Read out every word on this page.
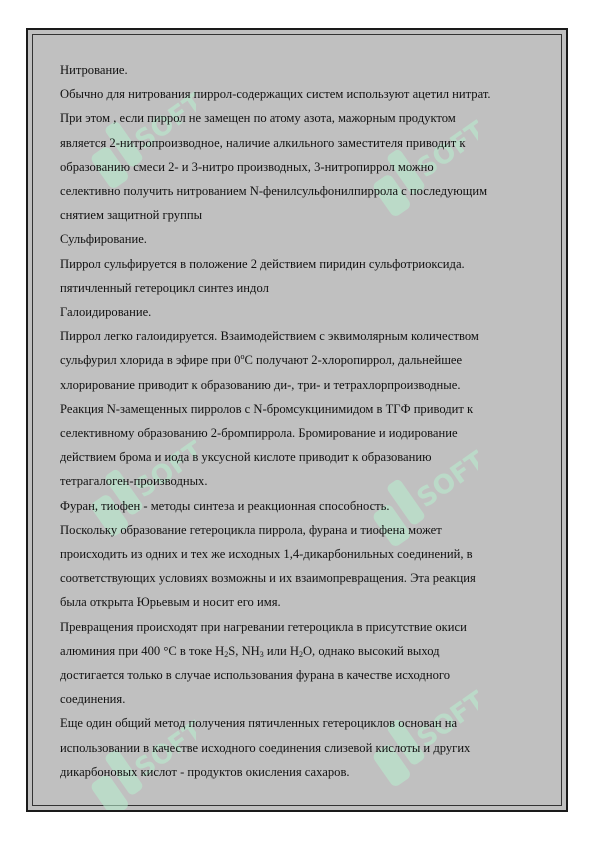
SOFT	SOFT
SOFT	SOFT
SOFT	SOFT

Нитрование.

Обычно для нитрования пиррол-содержащих систем используют ацетил нитрат.

При этом , если пиррол не замещен по атому азота, мажорным продуктом

является 2-нитропроизводное, наличие алкильного заместителя приводит к

образованию смеси 2- и 3-нитро производных, 3-нитропиррол можно

селективно получить нитрованием N-фенилсульфонилпиррола с последующим

снятием защитной группы

Сульфирование.

Пиррол сульфируется в положение 2 действием пиридин сульфотриоксида.

пятичленный гетероцикл синтез индол

Галоидирование.

Пиррол легко галоидируется. Взаимодействием с эквимолярным количеством

сульфурил хлорида в эфире при 0$^o$С получают 2-хлоропиррол, дальнейшее

хлорирование приводит к образованию ди-, три- и тетрахлорпроизводные.

Реакция N-замещенных пирролов с N-бромсукцинимидом в ТГФ приводит к

селективному образованию 2-бромпиррола. Бромирование и иодирование

действием брома и иода в уксусной кислоте приводит к образованию

тетрагалоген-производных.

Фуран, тиофен - методы синтеза и реакционная способность.

Поскольку образование гетероцикла пиррола, фурана и тиофена может

происходить из одних и тех же исходных 1,4-дикарбонильных соединений, в

соответствующих условиях возможны и их взаимопревращения. Эта реакция

была открыта Юрьевым и носит его имя.

Превращения происходят при нагревании гетероцикла в присутствие окиси

алюминия при 400 °С в токе $H_2S$, $NH_3$ или $H_2O$, однако высокий выход

достигается только в случае использования фурана в качестве исходного

соединения.

Еще один общий метод получения пятичленных гетероциклов основан на

использовании в качестве исходного соединения слизевой кислоты и других

дикарбоновых кислот - продуктов окисления сахаров.
